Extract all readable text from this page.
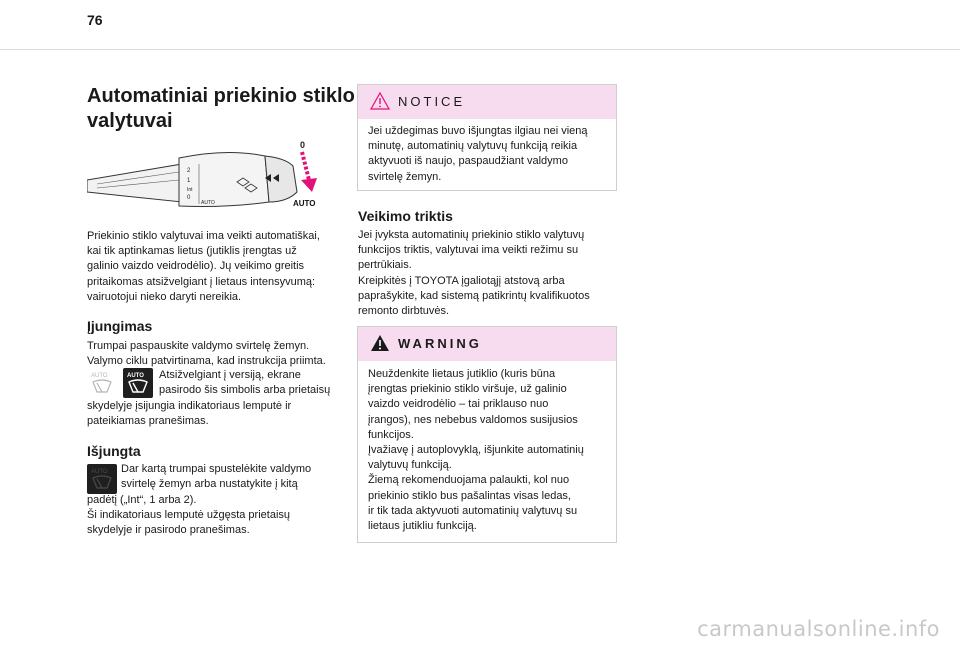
76
Automatiniai priekinio stiklo
valytuvai
2
1
Int
0
AUTO
0
AUTO
Priekinio stiklo valytuvai ima veikti automatiškai,
kai tik aptinkamas lietus (jutiklis įrengtas už
galinio vaizdo veidrodėlio). Jų veikimo greitis
pritaikomas atsižvelgiant į lietaus intensyvumą:
vairuotojui nieko daryti nereikia.
Įjungimas
Trumpai paspauskite valdymo svirtelę žemyn.
Valymo ciklu patvirtinama, kad instrukcija priimta.
AUTO	AUTO Atsižvelgiant į versiją, ekrane
pasirodo šis simbolis arba prietaisų
skydelyje įsijungia indikatoriaus lemputė ir
pateikiamas pranešimas.
Išjungta
AUTO Dar kartą trumpai spustelėkite valdymo
svirtelę žemyn arba nustatykite į kitą
padėtį („Int“, 1 arba 2).
Ši indikatoriaus lemputė užgęsta prietaisų
skydelyje ir pasirodo pranešimas.
NOTICE
Jei uždegimas buvo išjungtas ilgiau nei vieną
minutę, automatinių valytuvų funkciją reikia
aktyvuoti iš naujo, paspaudžiant valdymo
svirtelę žemyn.
Veikimo triktis
Jei įvyksta automatinių priekinio stiklo valytuvų
funkcijos triktis, valytuvai ima veikti režimu su
pertrūkiais.
Kreipkitės į TOYOTA įgaliotąjį atstovą arba
paprašykite, kad sistemą patikrintų kvalifikuotos
remonto dirbtuvės.
WARNING
Neuždenkite lietaus jutiklio (kuris būna
įrengtas priekinio stiklo viršuje, už galinio
vaizdo veidrodėlio – tai priklauso nuo
įrangos), nes nebebus valdomos susijusios
funkcijos.
Įvažiavę į autoplovyklą, išjunkite automatinių
valytuvų funkciją.
Žiemą rekomenduojama palaukti, kol nuo
priekinio stiklo bus pašalintas visas ledas,
ir tik tada aktyvuoti automatinių valytuvų su
lietaus jutikliu funkciją.
carmanualsonline.info
